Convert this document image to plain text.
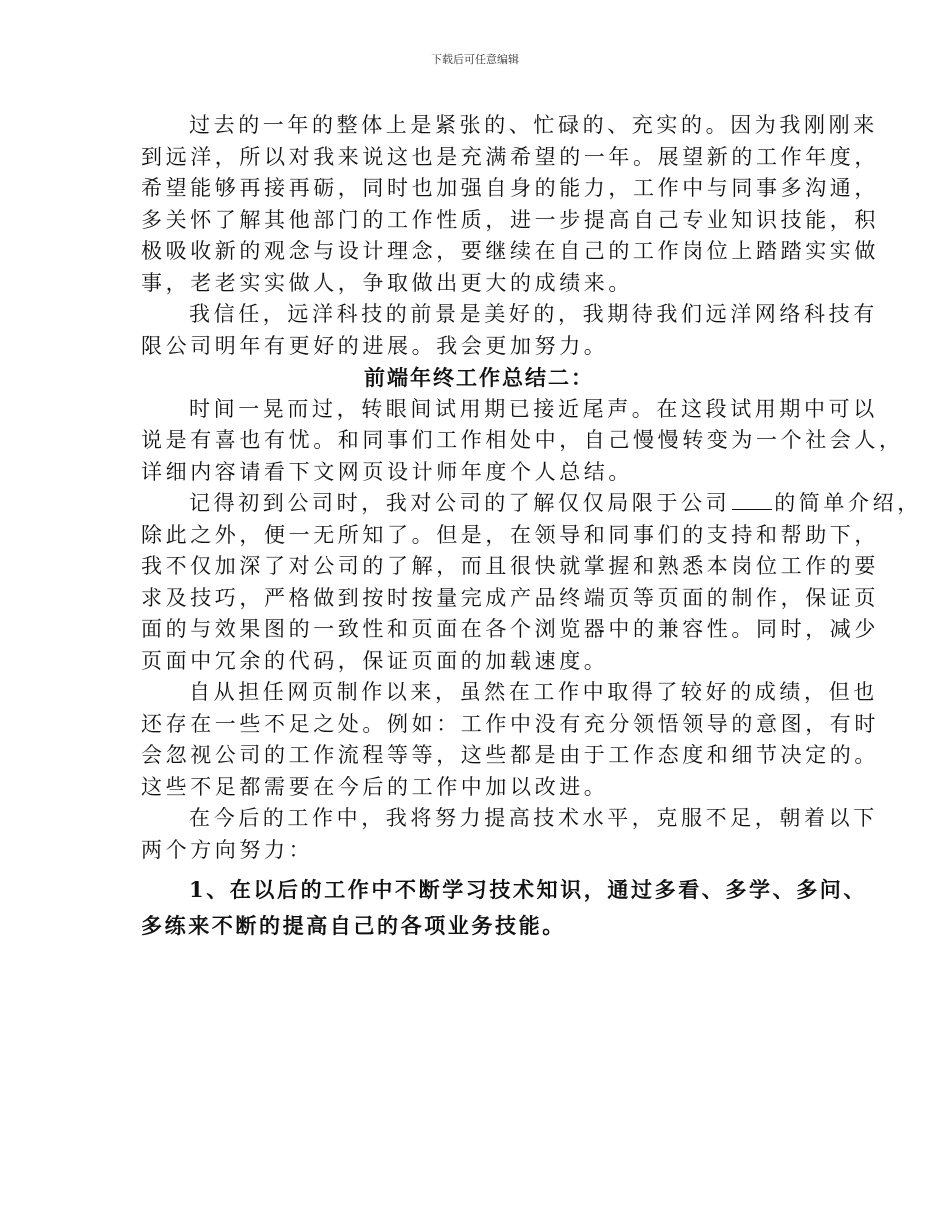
下载后可任意编辑
过去的一年的整体上是紧张的、忙碌的、充实的。因为我刚刚来
到远洋，所以对我来说这也是充满希望的一年。展望新的工作年度，
希望能够再接再砺，同时也加强自身的能力，工作中与同事多沟通，
多关怀了解其他部门的工作性质，进一步提高自己专业知识技能，积
极吸收新的观念与设计理念，要继续在自己的工作岗位上踏踏实实做
事，老老实实做人，争取做出更大的成绩来。
我信任，远洋科技的前景是美好的，我期待我们远洋网络科技有
限公司明年有更好的进展。我会更加努力。
前端年终工作总结二：
时间一晃而过，转眼间试用期已接近尾声。在这段试用期中可以
说是有喜也有忧。和同事们工作相处中，自己慢慢转变为一个社会人，
详细内容请看下文网页设计师年度个人总结。
记得初到公司时，我对公司的了解仅仅局限于公司 的简单介绍，
除此之外，便一无所知了。但是，在领导和同事们的支持和帮助下，
我不仅加深了对公司的了解，而且很快就掌握和熟悉本岗位工作的要
求及技巧，严格做到按时按量完成产品终端页等页面的制作，保证页
面的与效果图的一致性和页面在各个浏览器中的兼容性。同时，减少
页面中冗余的代码，保证页面的加载速度。
自从担任网页制作以来，虽然在工作中取得了较好的成绩，但也
还存在一些不足之处。例如：工作中没有充分领悟领导的意图，有时
会忽视公司的工作流程等等，这些都是由于工作态度和细节决定的。
这些不足都需要在今后的工作中加以改进。
在今后的工作中，我将努力提高技术水平，克服不足，朝着以下
两个方向努力：
1、在以后的工作中不断学习技术知识，通过多看、多学、多问、
多练来不断的提高自己的各项业务技能。
